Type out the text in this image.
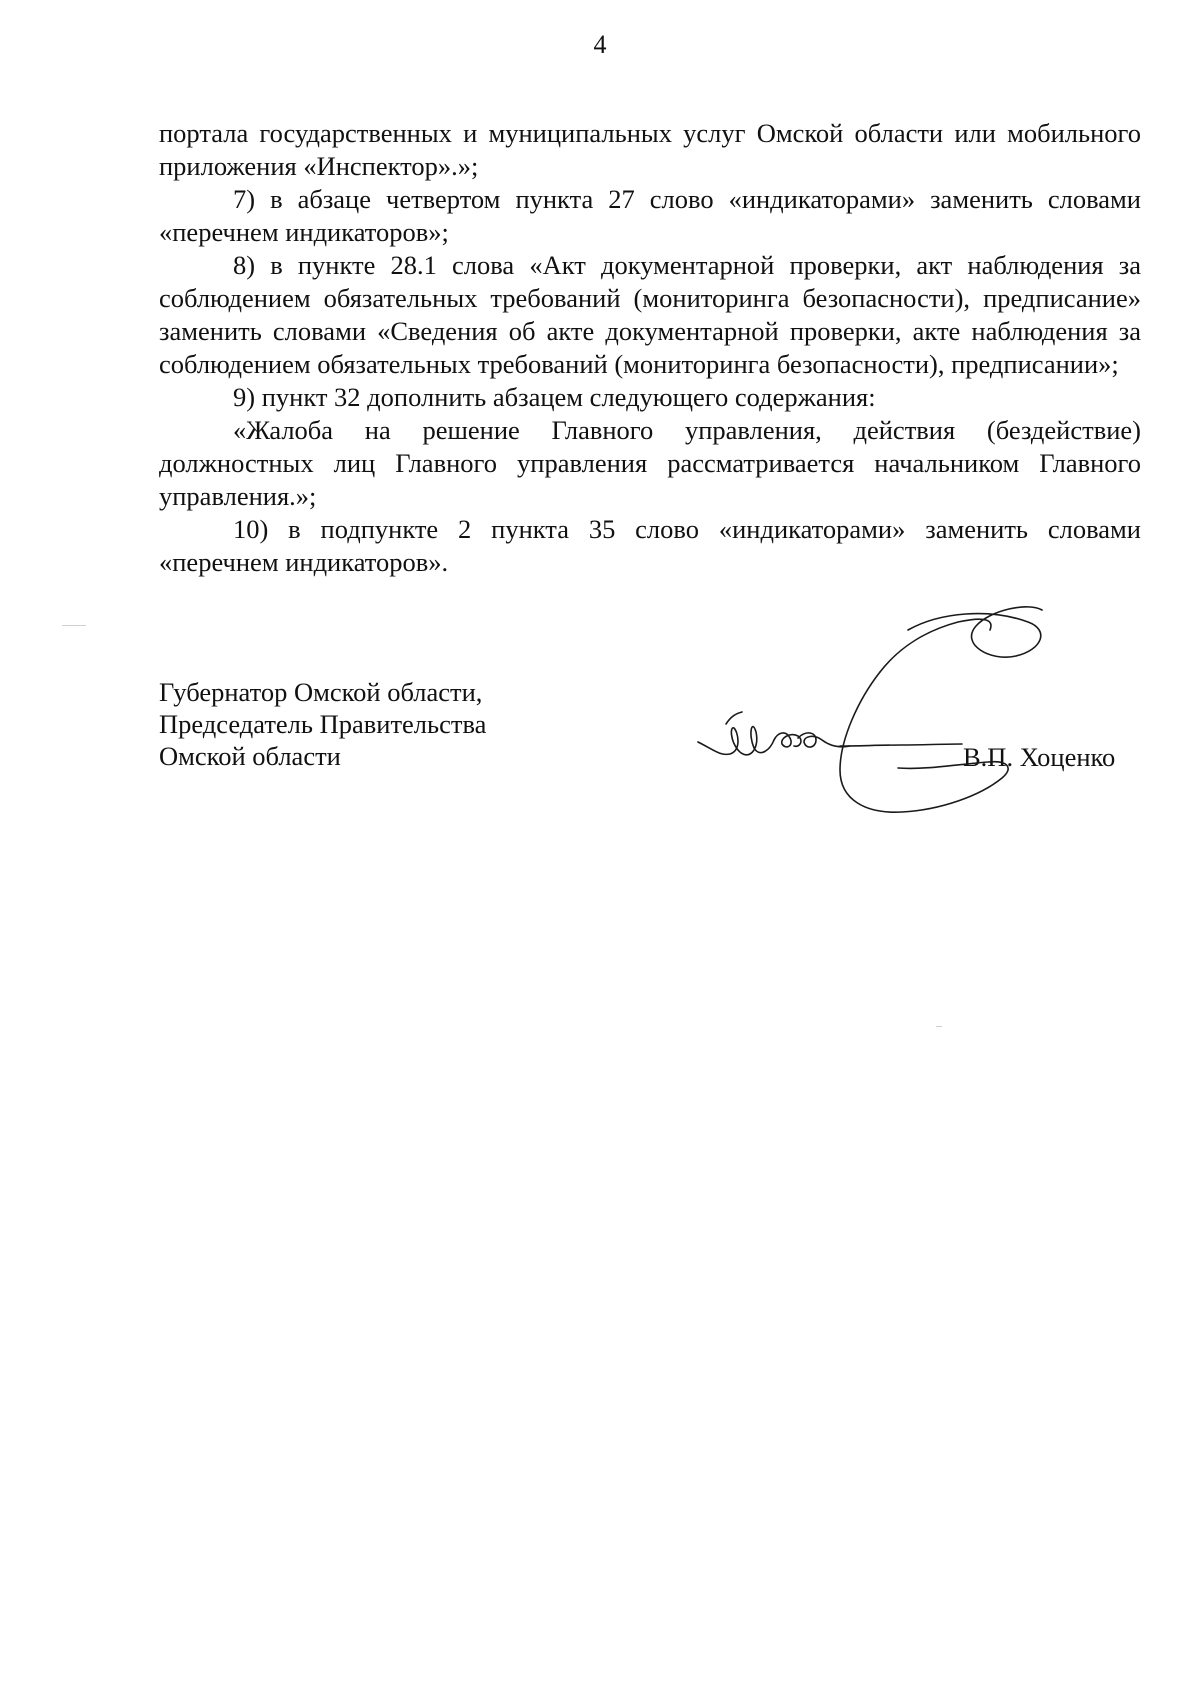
4

портала государственных и муниципальных услуг Омской области или мобильного приложения «Инспектор».»;

7) в абзаце четвертом пункта 27 слово «индикаторами» заменить словами «перечнем индикаторов»;

8) в пункте 28.1 слова «Акт документарной проверки, акт наблюдения за соблюдением обязательных требований (мониторинга безопасности), предписание» заменить словами «Сведения об акте документарной проверки, акте наблюдения за соблюдением обязательных требований (мониторинга безопасности), предписании»;

9) пункт 32 дополнить абзацем следующего содержания:

«Жалоба на решение Главного управления, действия (бездействие) должностных лиц Главного управления рассматривается начальником Главного управления.»;

10) в подпункте 2 пункта 35 слово «индикаторами» заменить словами «перечнем индикаторов».

Губернатор Омской области,
Председатель Правительства
Омской области	В.П. Хоценко
